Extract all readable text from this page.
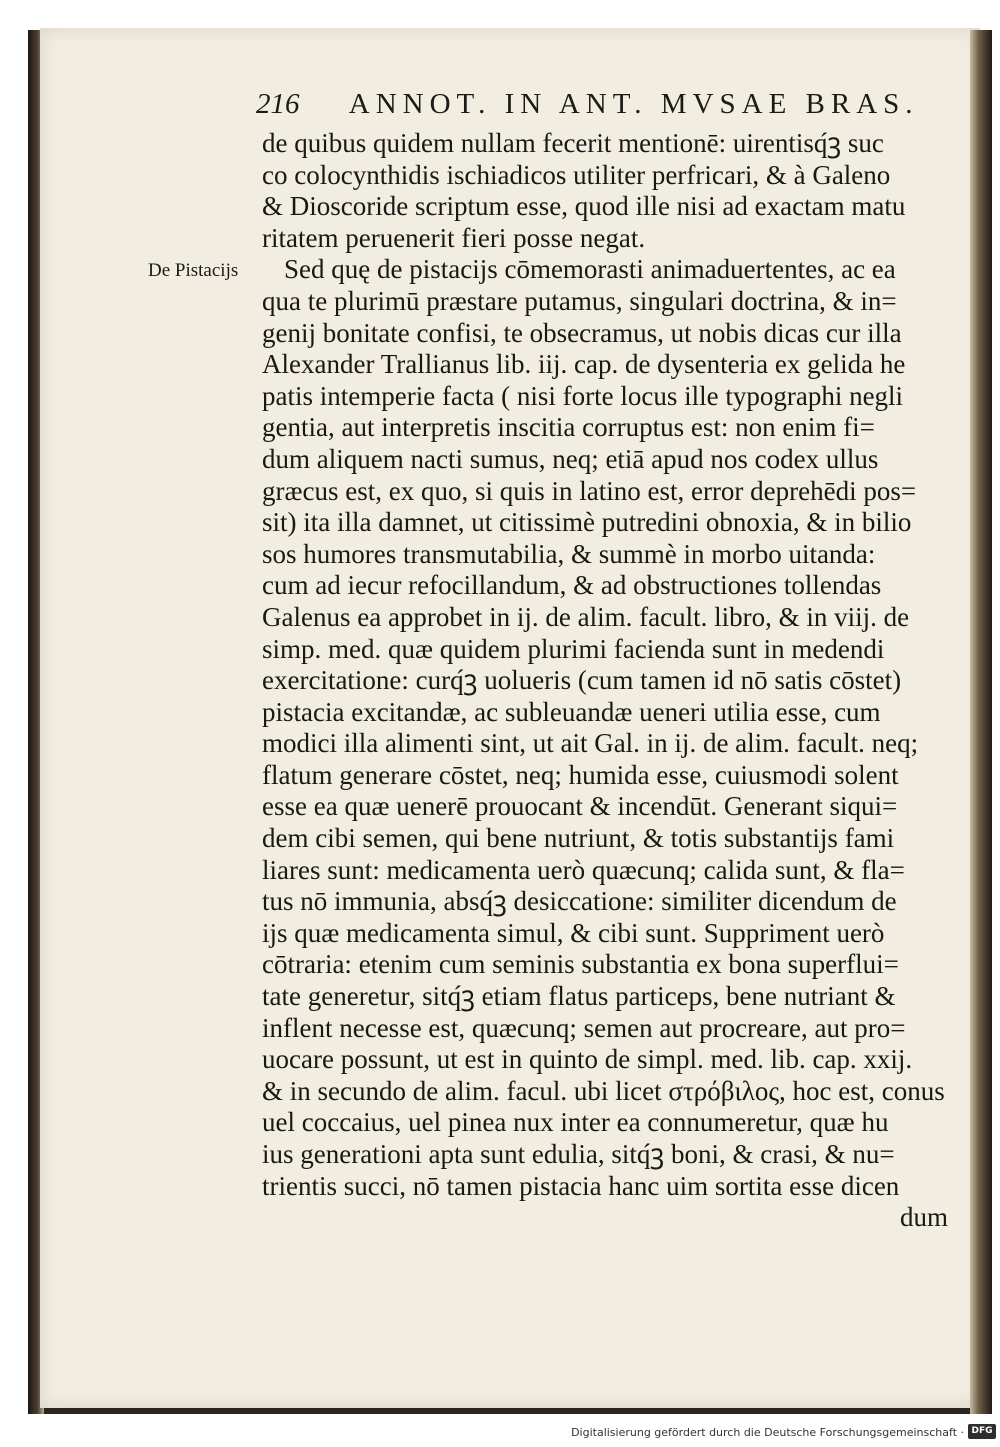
216 ANNOT. IN ANT. MVSAE BRAS.
De Pistacijs
de quibus quidem nullam fecerit mentionē: uirentisq́ꝫ suc
co colocynthidis ischiadicos utiliter perfricari, & à Galeno
& Dioscoride scriptum esse, quod ille nisi ad exactam matu
ritatem peruenerit fieri posse negat.
Sed quę de pistacijs cōmemorasti animaduertentes, ac ea
qua te plurimū præstare putamus, singulari doctrina, & in=
genij bonitate confisi, te obsecramus, ut nobis dicas cur illa
Alexander Trallianus lib. iij. cap. de dysenteria ex gelida he
patis intemperie facta ( nisi forte locus ille typographi negli
gentia, aut interpretis inscitia corruptus est: non enim fi=
dum aliquem nacti sumus, neq; etiā apud nos codex ullus
græcus est, ex quo, si quis in latino est, error deprehēdi pos=
sit) ita illa damnet, ut citissimè putredini obnoxia, & in bilio
sos humores transmutabilia, & summè in morbo uitanda:
cum ad iecur refocillandum, & ad obstructiones tollendas
Galenus ea approbet in ij. de alim. facult. libro, & in viij. de
simp. med. quæ quidem plurimi facienda sunt in medendi
exercitatione: curq́ꝫ uolueris (cum tamen id nō satis cōstet)
pistacia excitandæ, ac subleuandæ ueneri utilia esse, cum
modici illa alimenti sint, ut ait Gal. in ij. de alim. facult. neq;
flatum generare cōstet, neq; humida esse, cuiusmodi solent
esse ea quæ uenerē prouocant & incendūt. Generant siqui=
dem cibi semen, qui bene nutriunt, & totis substantijs fami
liares sunt: medicamenta uerò quæcunq; calida sunt, & fla=
tus nō immunia, absq́ꝫ desiccatione: similiter dicendum de
ijs quæ medicamenta simul, & cibi sunt. Suppriment uerò
cōtraria: etenim cum seminis substantia ex bona superflui=
tate generetur, sitq́ꝫ etiam flatus particeps, bene nutriant &
inflent necesse est, quæcunq; semen aut procreare, aut pro=
uocare possunt, ut est in quinto de simpl. med. lib. cap. xxij.
& in secundo de alim. facul. ubi licet στρόβιλος, hoc est, conus
uel coccaius, uel pinea nux inter ea connumeretur, quæ hu
ius generationi apta sunt edulia, sitq́ꝫ boni, & crasi, & nu=
trientis succi, nō tamen pistacia hanc uim sortita esse dicen
dum
Digitalisierung gefördert durch die Deutsche Forschungsgemeinschaft · DFG
